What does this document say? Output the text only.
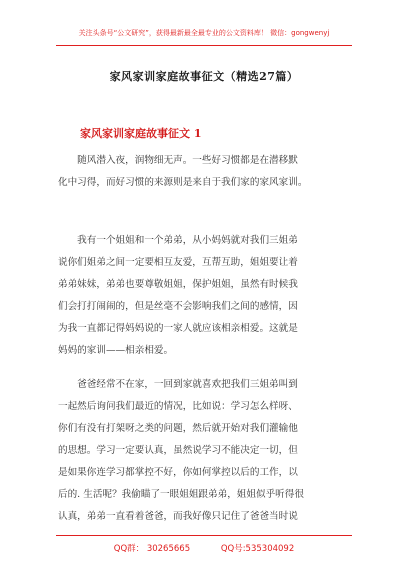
关注头条号“公文研究”，获得最新最全最专业的公文资料库！ 微信：gongwenyj
家风家训家庭故事征文（精选27篇）
家风家训家庭故事征文 1
　　随风潜入夜，润物细无声。一些好习惯都是在潜移默
化中习得，而好习惯的来源则是来自于我们家的家风家训。
　　我有一个姐姐和一个弟弟，从小妈妈就对我们三姐弟
说你们姐弟之间一定要相互友爱，互帮互助，姐姐要让着
弟弟妹妹，弟弟也要尊敬姐姐，保护姐姐，虽然有时候我
们会打打闹闹的，但是丝毫不会影响我们之间的感情，因
为我一直都记得妈妈说的一家人就应该相亲相爱。这就是
妈妈的家训——相亲相爱。
　　爸爸经常不在家，一回到家就喜欢把我们三姐弟叫到
一起然后询问我们最近的情况，比如说：学习怎么样呀、
你们有没有打架呀之类的问题，然后就开始对我们灌输他
的思想。学习一定要认真，虽然说学习不能决定一切，但
是如果你连学习都掌控不好，你如何掌控以后的工作，以
后的. 生活呢？我偷瞄了一眼姐姐跟弟弟，姐姐似乎听得很
认真，弟弟一直看着爸爸，而我好像只记住了爸爸当时说
QQ群： 30265665	QQ号:535304092
